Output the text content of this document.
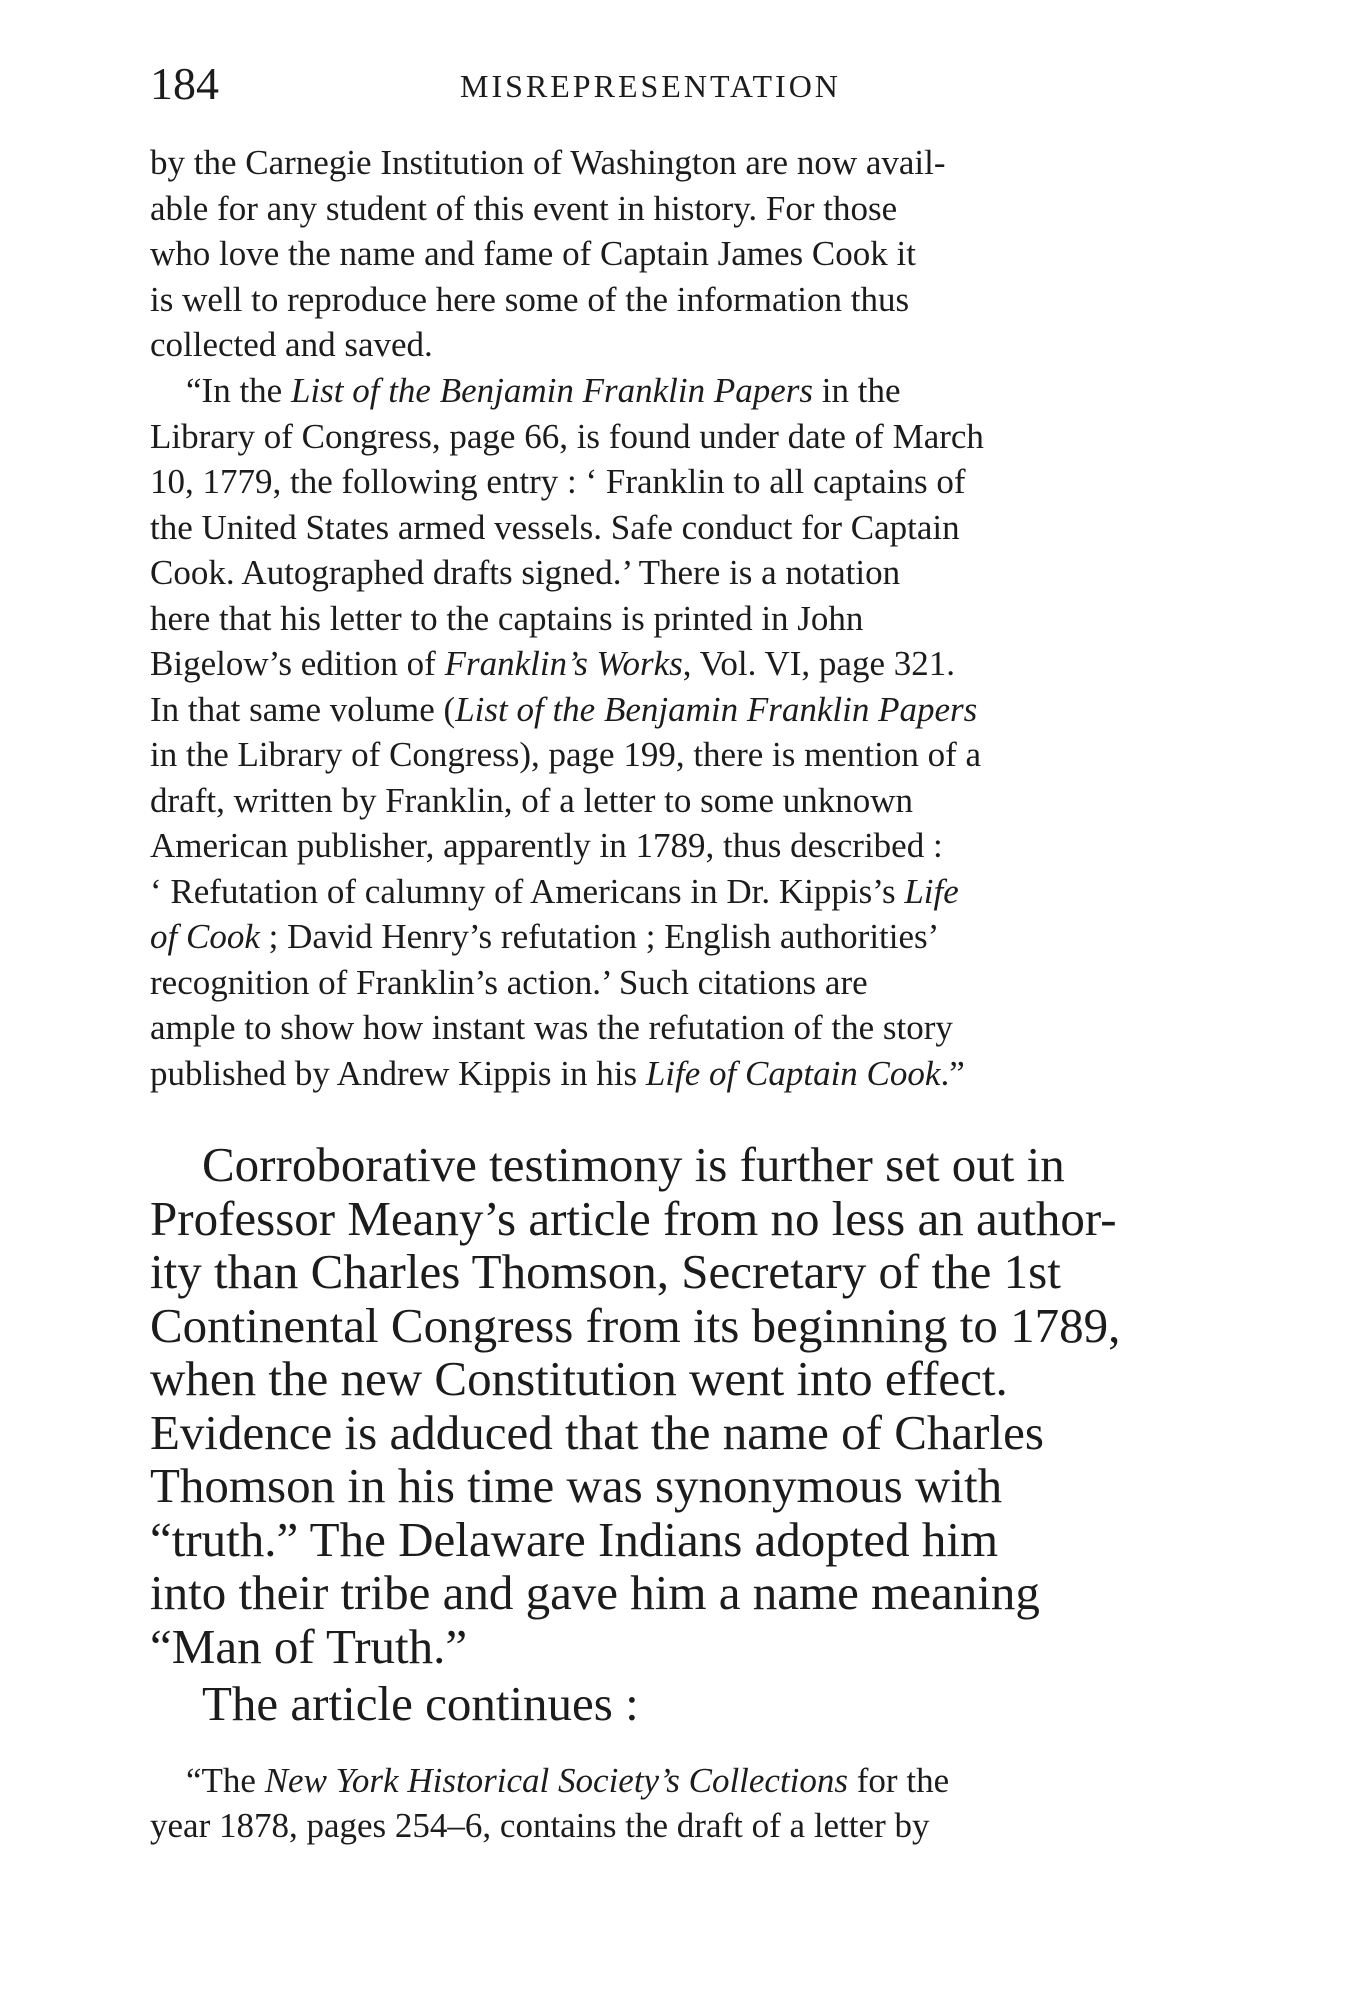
184	MISREPRESENTATION
by the Carnegie Institution of Washington are now avail-
able for any student of this event in history. For those
who love the name and fame of Captain James Cook it
is well to reproduce here some of the information thus
collected and saved.
“In the List of the Benjamin Franklin Papers in the
Library of Congress, page 66, is found under date of March
10, 1779, the following entry : ‘ Franklin to all captains of
the United States armed vessels. Safe conduct for Captain
Cook. Autographed drafts signed.’ There is a notation
here that his letter to the captains is printed in John
Bigelow’s edition of Franklin’s Works, Vol. VI, page 321.
In that same volume (List of the Benjamin Franklin Papers
in the Library of Congress), page 199, there is mention of a
draft, written by Franklin, of a letter to some unknown
American publisher, apparently in 1789, thus described :
‘ Refutation of calumny of Americans in Dr. Kippis’s Life
of Cook ; David Henry’s refutation ; English authorities’
recognition of Franklin’s action.’ Such citations are
ample to show how instant was the refutation of the story
published by Andrew Kippis in his Life of Captain Cook.”
Corroborative testimony is further set out in
Professor Meany’s article from no less an author-
ity than Charles Thomson, Secretary of the 1st
Continental Congress from its beginning to 1789,
when the new Constitution went into effect.
Evidence is adduced that the name of Charles
Thomson in his time was synonymous with
“truth.” The Delaware Indians adopted him
into their tribe and gave him a name meaning
“Man of Truth.”
The article continues :
“The New York Historical Society’s Collections for the
year 1878, pages 254–6, contains the draft of a letter by
